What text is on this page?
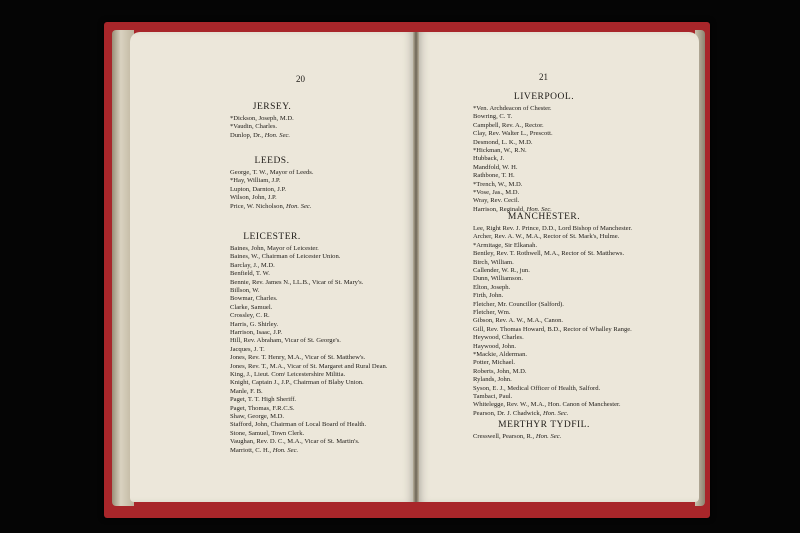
20
JERSEY.
*Dickson, Joseph, M.D.
*Vaudin, Charles.
Dunlop, Dr., Hon. Sec.
LEEDS.
George, T. W., Mayor of Leeds.
*Hay, William, J.P.
Lupton, Darnton, J.P.
Wilson, John, J.P.
Price, W. Nicholson, Hon. Sec.
LEICESTER.
Baines, John, Mayor of Leicester.
Baines, W., Chairman of Leicester Union.
Barclay, J., M.D.
Benfield, T. W.
Bennie, Rev. James N., LL.B., Vicar of St. Mary's.
Billson, W.
Bowmar, Charles.
Clarke, Samuel.
Crossley, C. R.
Harris, G. Shirley.
Harrison, Isaac, J.P.
Hill, Rev. Abraham, Vicar of St. George's.
Jacques, J. T.
Jones, Rev. T. Henry, M.A., Vicar of St. Matthew's.
Jones, Rev. T., M.A., Vicar of St. Margaret and Rural Dean.
King, J., Lieut. Comᵗ Leicestershire Militia.
Knight, Captain J., J.P., Chairman of Blaby Union.
Manle, F. B.
Paget, T. T. High Sheriff.
Paget, Thomas, F.R.C.S.
Shaw, George, M.D.
Stafford, John, Chairman of Local Board of Health.
Stone, Samuel, Town Clerk.
Vaughan, Rev. D. C., M.A., Vicar of St. Martin's.
Marriott, C. H., Hon. Sec.
21
LIVERPOOL.
*Ven. Archdeacon of Chester.
Bowring, C. T.
Campbell, Rev. A., Rector.
Clay, Rev. Walter L., Prescott.
Desmond, L. K., M.D.
*Hickman, W., R.N.
Hubback, J.
Mandfold, W. H.
Rathbone, T. H.
*Trench, W., M.D.
*Vose, Jas., M.D.
Wray, Rev. Cecil.
Harrison, Reginald, Hon. Sec.
MANCHESTER.
Lee, Right Rev. J. Prince, D.D., Lord Bishop of Manchester.
Archer, Rev. A. W., M.A., Rector of St. Mark's, Hulme.
*Armitage, Sir Elkanah.
Bentley, Rev. T. Rothwell, M.A., Rector of St. Matthews.
Birch, William.
Callender, W. R., jun.
Dunn, Williamson.
Elton, Joseph.
Firth, John.
Fletcher, Mr. Councillor (Salford).
Fletcher, Wm.
Gibson, Rev. A. W., M.A., Canon.
Gill, Rev. Thomas Howard, B.D., Rector of Whalley Range.
Heywood, Charles.
Haywood, John.
*Mackie, Alderman.
Potter, Michael.
Roberts, John, M.D.
Rylands, John.
Syson, E. J., Medical Officer of Health, Salford.
Tambaci, Paul.
Whitelegge, Rev. W., M.A., Hon. Canon of Manchester.
Pearson, Dr. J. Chadwick, Hon. Sec.
MERTHYR TYDFIL.
Cresswell, Pearson, R., Hon. Sec.
